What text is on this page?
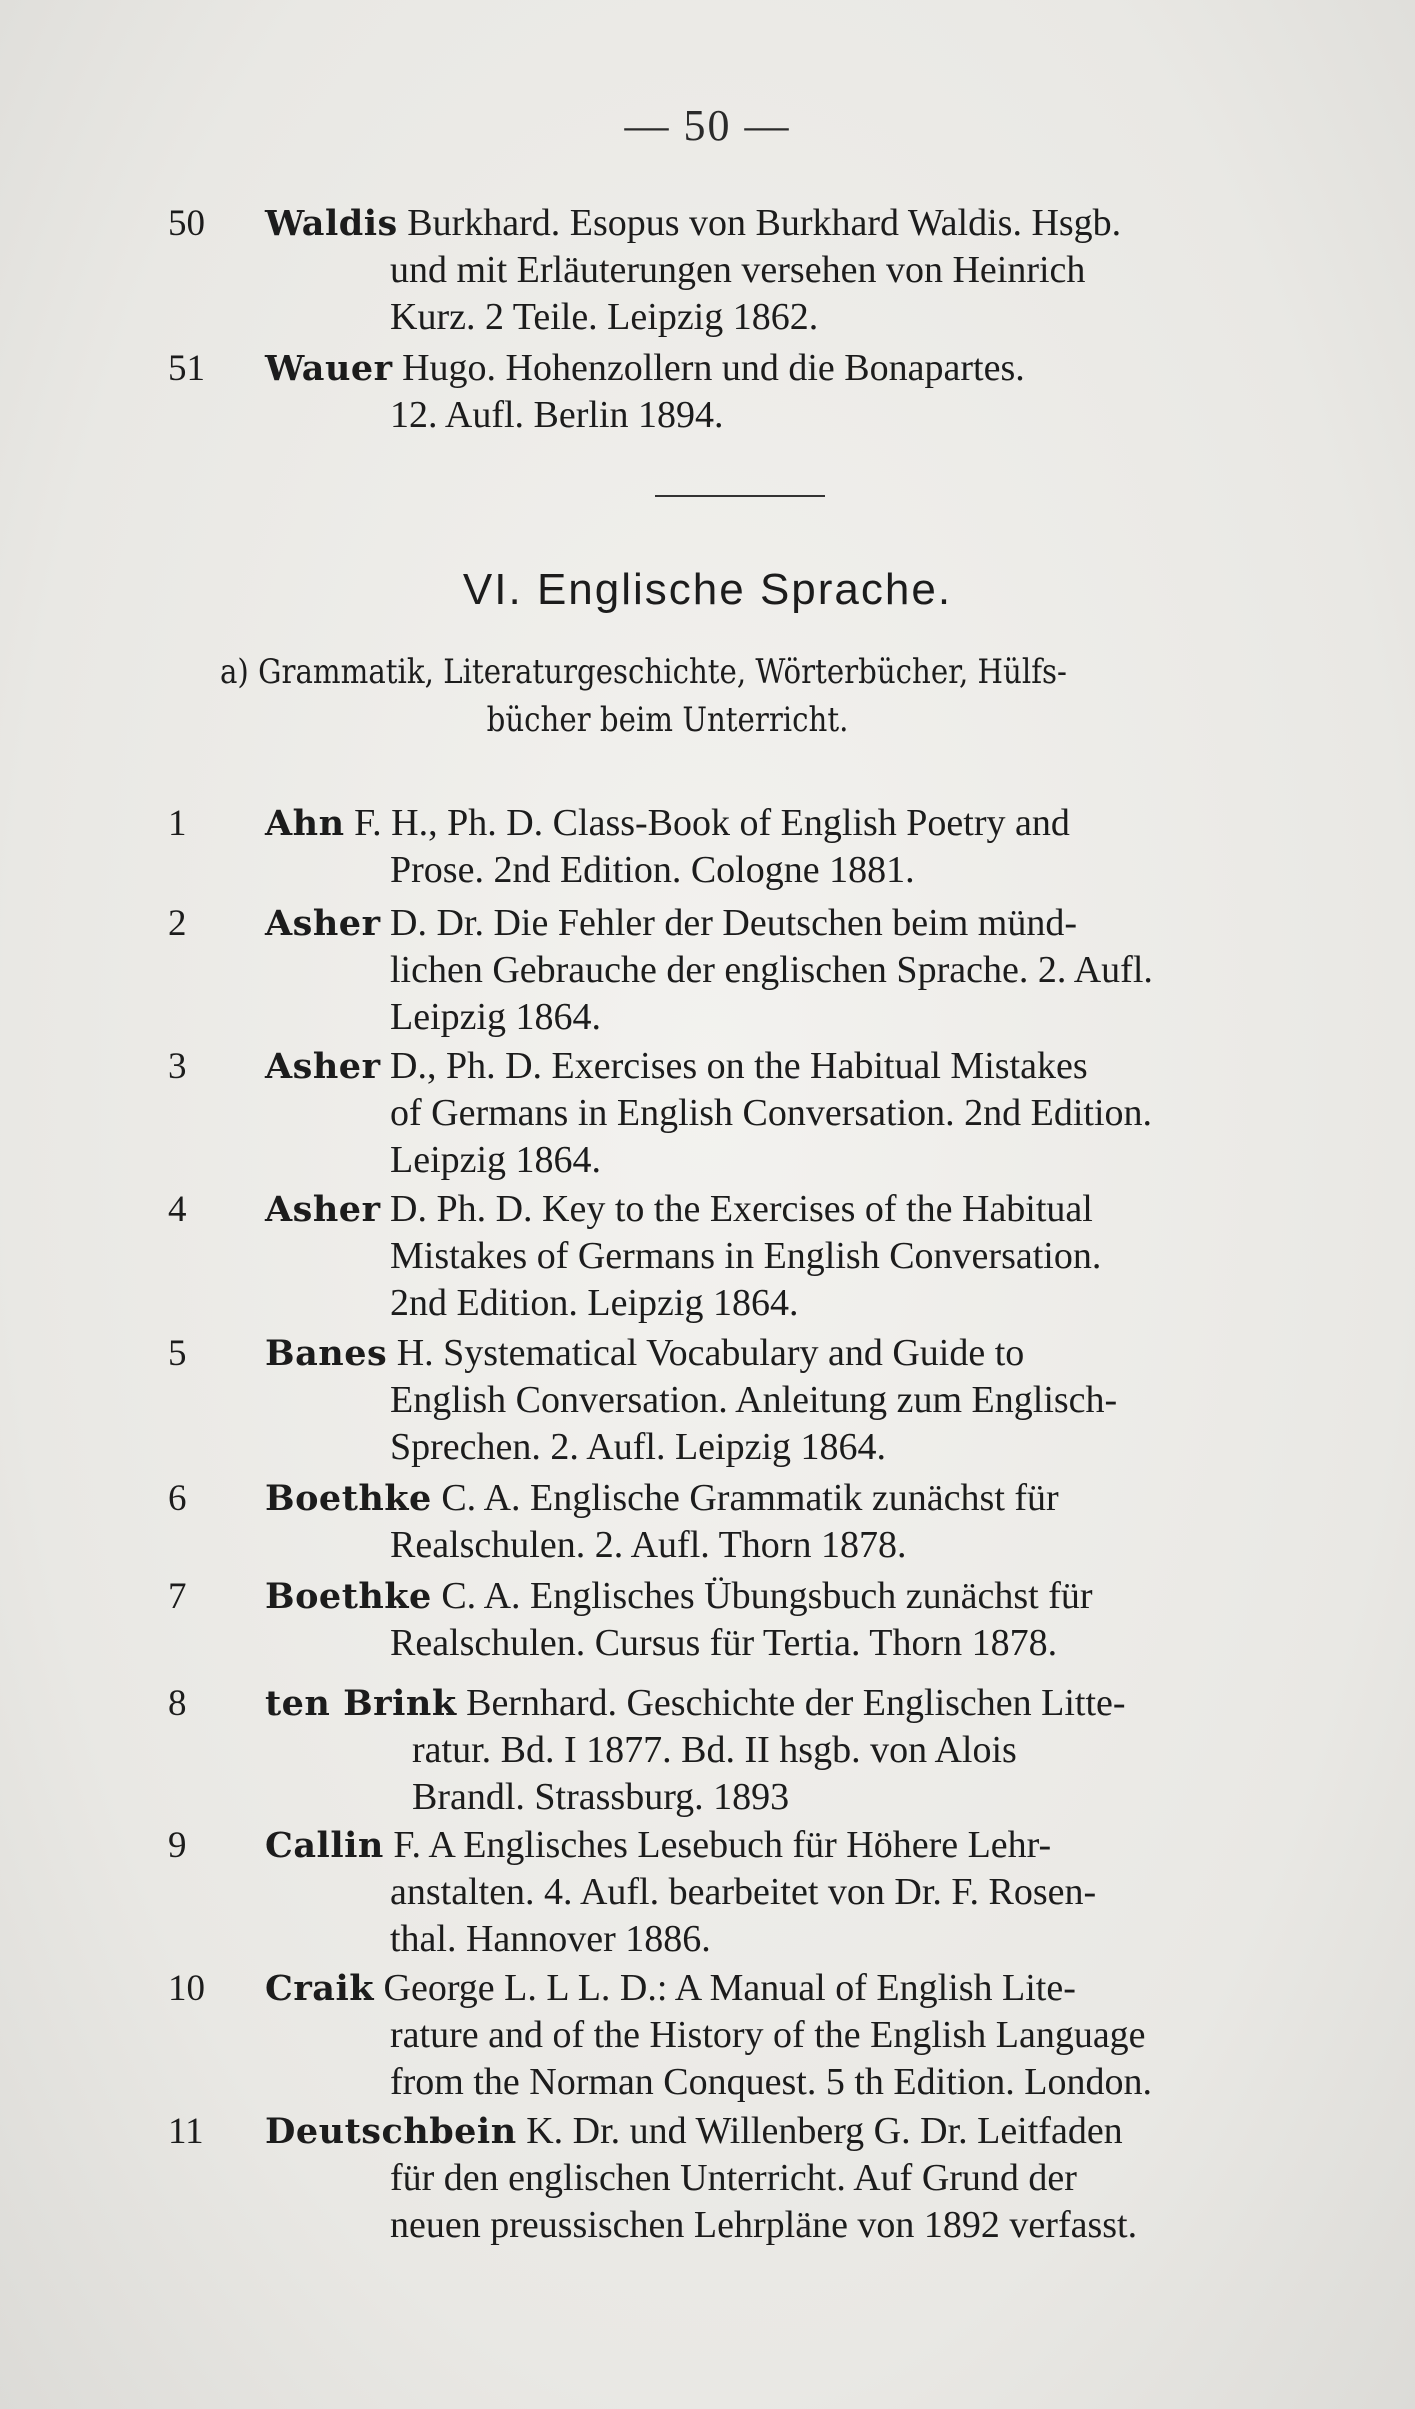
— 50 —
50	Waldis Burkhard. Esopus von Burkhard Waldis. Hsgb.
und mit Erläuterungen versehen von Heinrich
Kurz. 2 Teile. Leipzig 1862.
51	Wauer Hugo. Hohenzollern und die Bonapartes.
12. Aufl. Berlin 1894.
VI. Englische Sprache.
a) Grammatik, Literaturgeschichte, Wörterbücher, Hülfs-
bücher beim Unterricht.
1	Ahn F. H., Ph. D. Class-Book of English Poetry and
Prose. 2nd Edition. Cologne 1881.
2	Asher D. Dr. Die Fehler der Deutschen beim münd-
lichen Gebrauche der englischen Sprache. 2. Aufl.
Leipzig 1864.
3	Asher D., Ph. D. Exercises on the Habitual Mistakes
of Germans in English Conversation. 2nd Edition.
Leipzig 1864.
4	Asher D. Ph. D. Key to the Exercises of the Habitual
Mistakes of Germans in English Conversation.
2nd Edition. Leipzig 1864.
5	Banes H. Systematical Vocabulary and Guide to
English Conversation. Anleitung zum Englisch-
Sprechen. 2. Aufl. Leipzig 1864.
6	Boethke C. A. Englische Grammatik zunächst für
Realschulen. 2. Aufl. Thorn 1878.
7	Boethke C. A. Englisches Übungsbuch zunächst für
Realschulen. Cursus für Tertia. Thorn 1878.
8	ten Brink Bernhard. Geschichte der Englischen Litte-
ratur. Bd. I 1877. Bd. II hsgb. von Alois
Brandl. Strassburg. 1893
9	Callin F. A Englisches Lesebuch für Höhere Lehr-
anstalten. 4. Aufl. bearbeitet von Dr. F. Rosen-
thal. Hannover 1886.
10	Craik George L. L L. D.: A Manual of English Lite-
rature and of the History of the English Language
from the Norman Conquest. 5 th Edition. London.
11	Deutschbein K. Dr. und Willenberg G. Dr. Leitfaden
für den englischen Unterricht. Auf Grund der
neuen preussischen Lehrpläne von 1892 verfasst.
